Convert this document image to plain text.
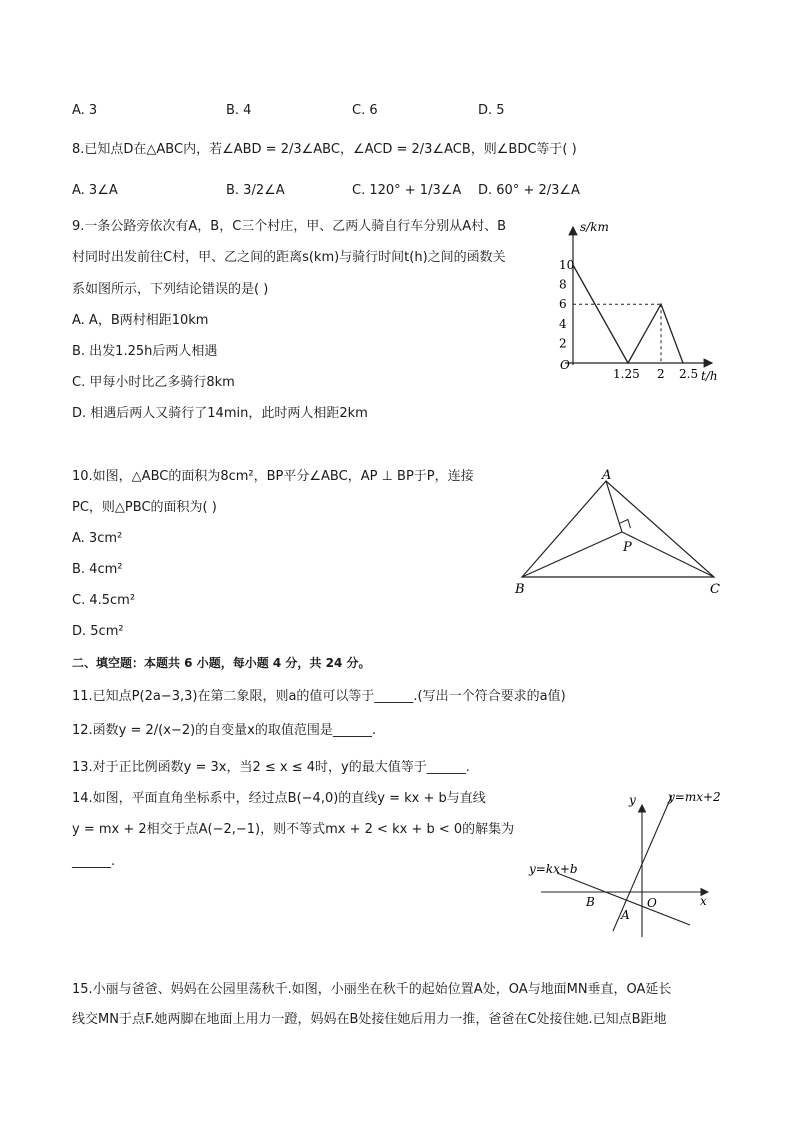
A. 3	B. 4	C. 6	D. 5
8.已知点D在△ABC内，若∠ABD = 2/3∠ABC，∠ACD = 2/3∠ACB，则∠BDC等于( )
A. 3∠A	B. 3/2∠A	C. 120° + 1/3∠A D. 60° + 2/3∠A
9.一条公路旁依次有A，B，C三个村庄，甲、乙两人骑自行车分别从A村、B
村同时出发前往C村，甲、乙之间的距离s(km)与骑行时间t(h)之间的函数关
系如图所示，下列结论错误的是( )
A. A，B两村相距10km
B. 出发1.25h后两人相遇
C. 甲每小时比乙多骑行8km
D. 相遇后两人又骑行了14min，此时两人相距2km
s/km
t/h
O
10
8
6
4
2
1.25 2 2.5
10.如图，△ABC的面积为8cm²，BP平分∠ABC，AP ⊥ BP于P，连接
PC，则△PBC的面积为( )
A. 3cm²
B. 4cm²
C. 4.5cm²
D. 5cm²
A
B	C
P
二、填空题：本题共 6 小题，每小题 4 分，共 24 分。
11.已知点P(2a−3,3)在第二象限，则a的值可以等于______.(写出一个符合要求的a值)
12.函数y = 2/(x−2)的自变量x的取值范围是______.
13.对于正比例函数y = 3x，当2 ≤ x ≤ 4时，y的最大值等于______.
14.如图，平面直角坐标系中，经过点B(−4,0)的直线y = kx + b与直线
y = mx + 2相交于点A(−2,−1)，则不等式mx + 2 < kx + b < 0的解集为
______.
y=mx+2
y=kx+b
y
x
B
A
O
15.小丽与爸爸、妈妈在公园里荡秋千.如图，小丽坐在秋千的起始位置A处，OA与地面MN垂直，OA延长
线交MN于点F.她两脚在地面上用力一蹬，妈妈在B处接住她后用力一推，爸爸在C处接住她.已知点B距地
